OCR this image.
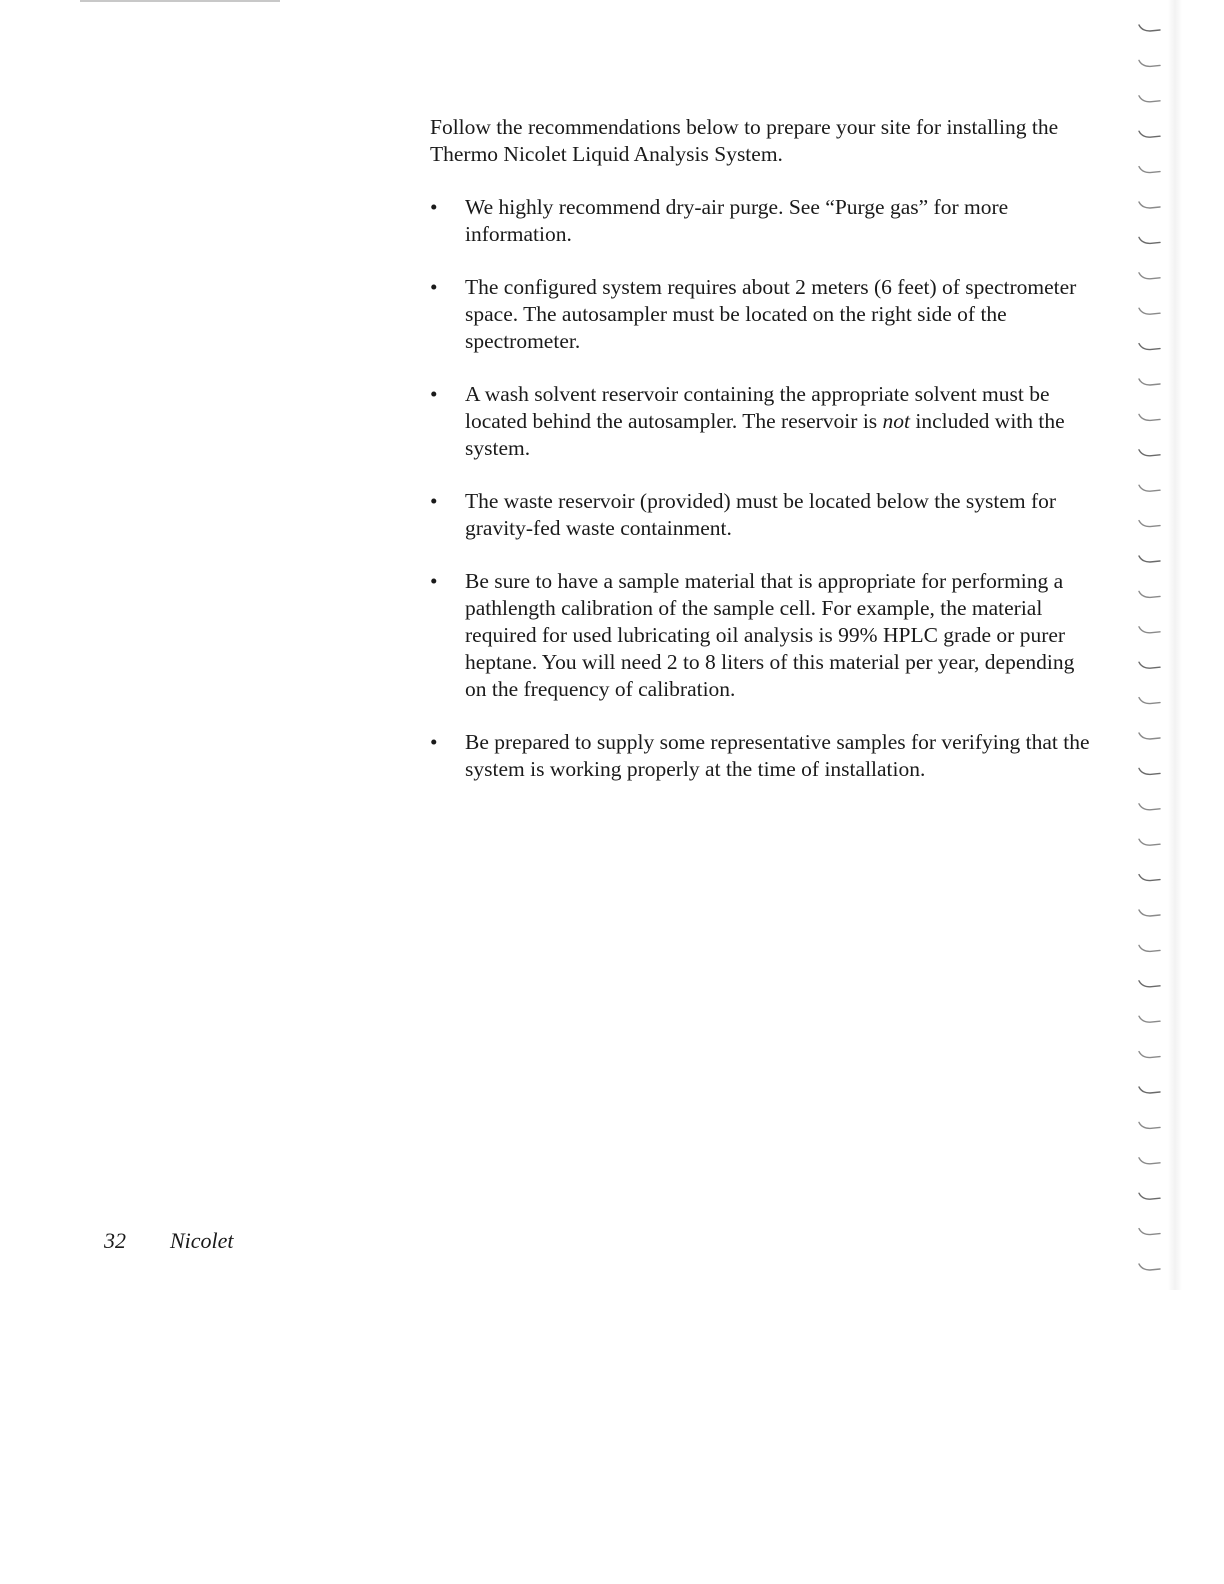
Follow the recommendations below to prepare your site for installing the Thermo Nicolet Liquid Analysis System.

• We highly recommend dry-air purge. See “Purge gas” for more information.
• The configured system requires about 2 meters (6 feet) of spectrometer space. The autosampler must be located on the right side of the spectrometer.
• A wash solvent reservoir containing the appropriate solvent must be located behind the autosampler. The reservoir is not included with the system.
• The waste reservoir (provided) must be located below the system for gravity-fed waste containment.
• Be sure to have a sample material that is appropriate for performing a pathlength calibration of the sample cell. For example, the material required for used lubricating oil analysis is 99% HPLC grade or purer heptane. You will need 2 to 8 liters of this material per year, depending on the frequency of calibration.
• Be prepared to supply some representative samples for verifying that the system is working properly at the time of installation.
32 Nicolet
